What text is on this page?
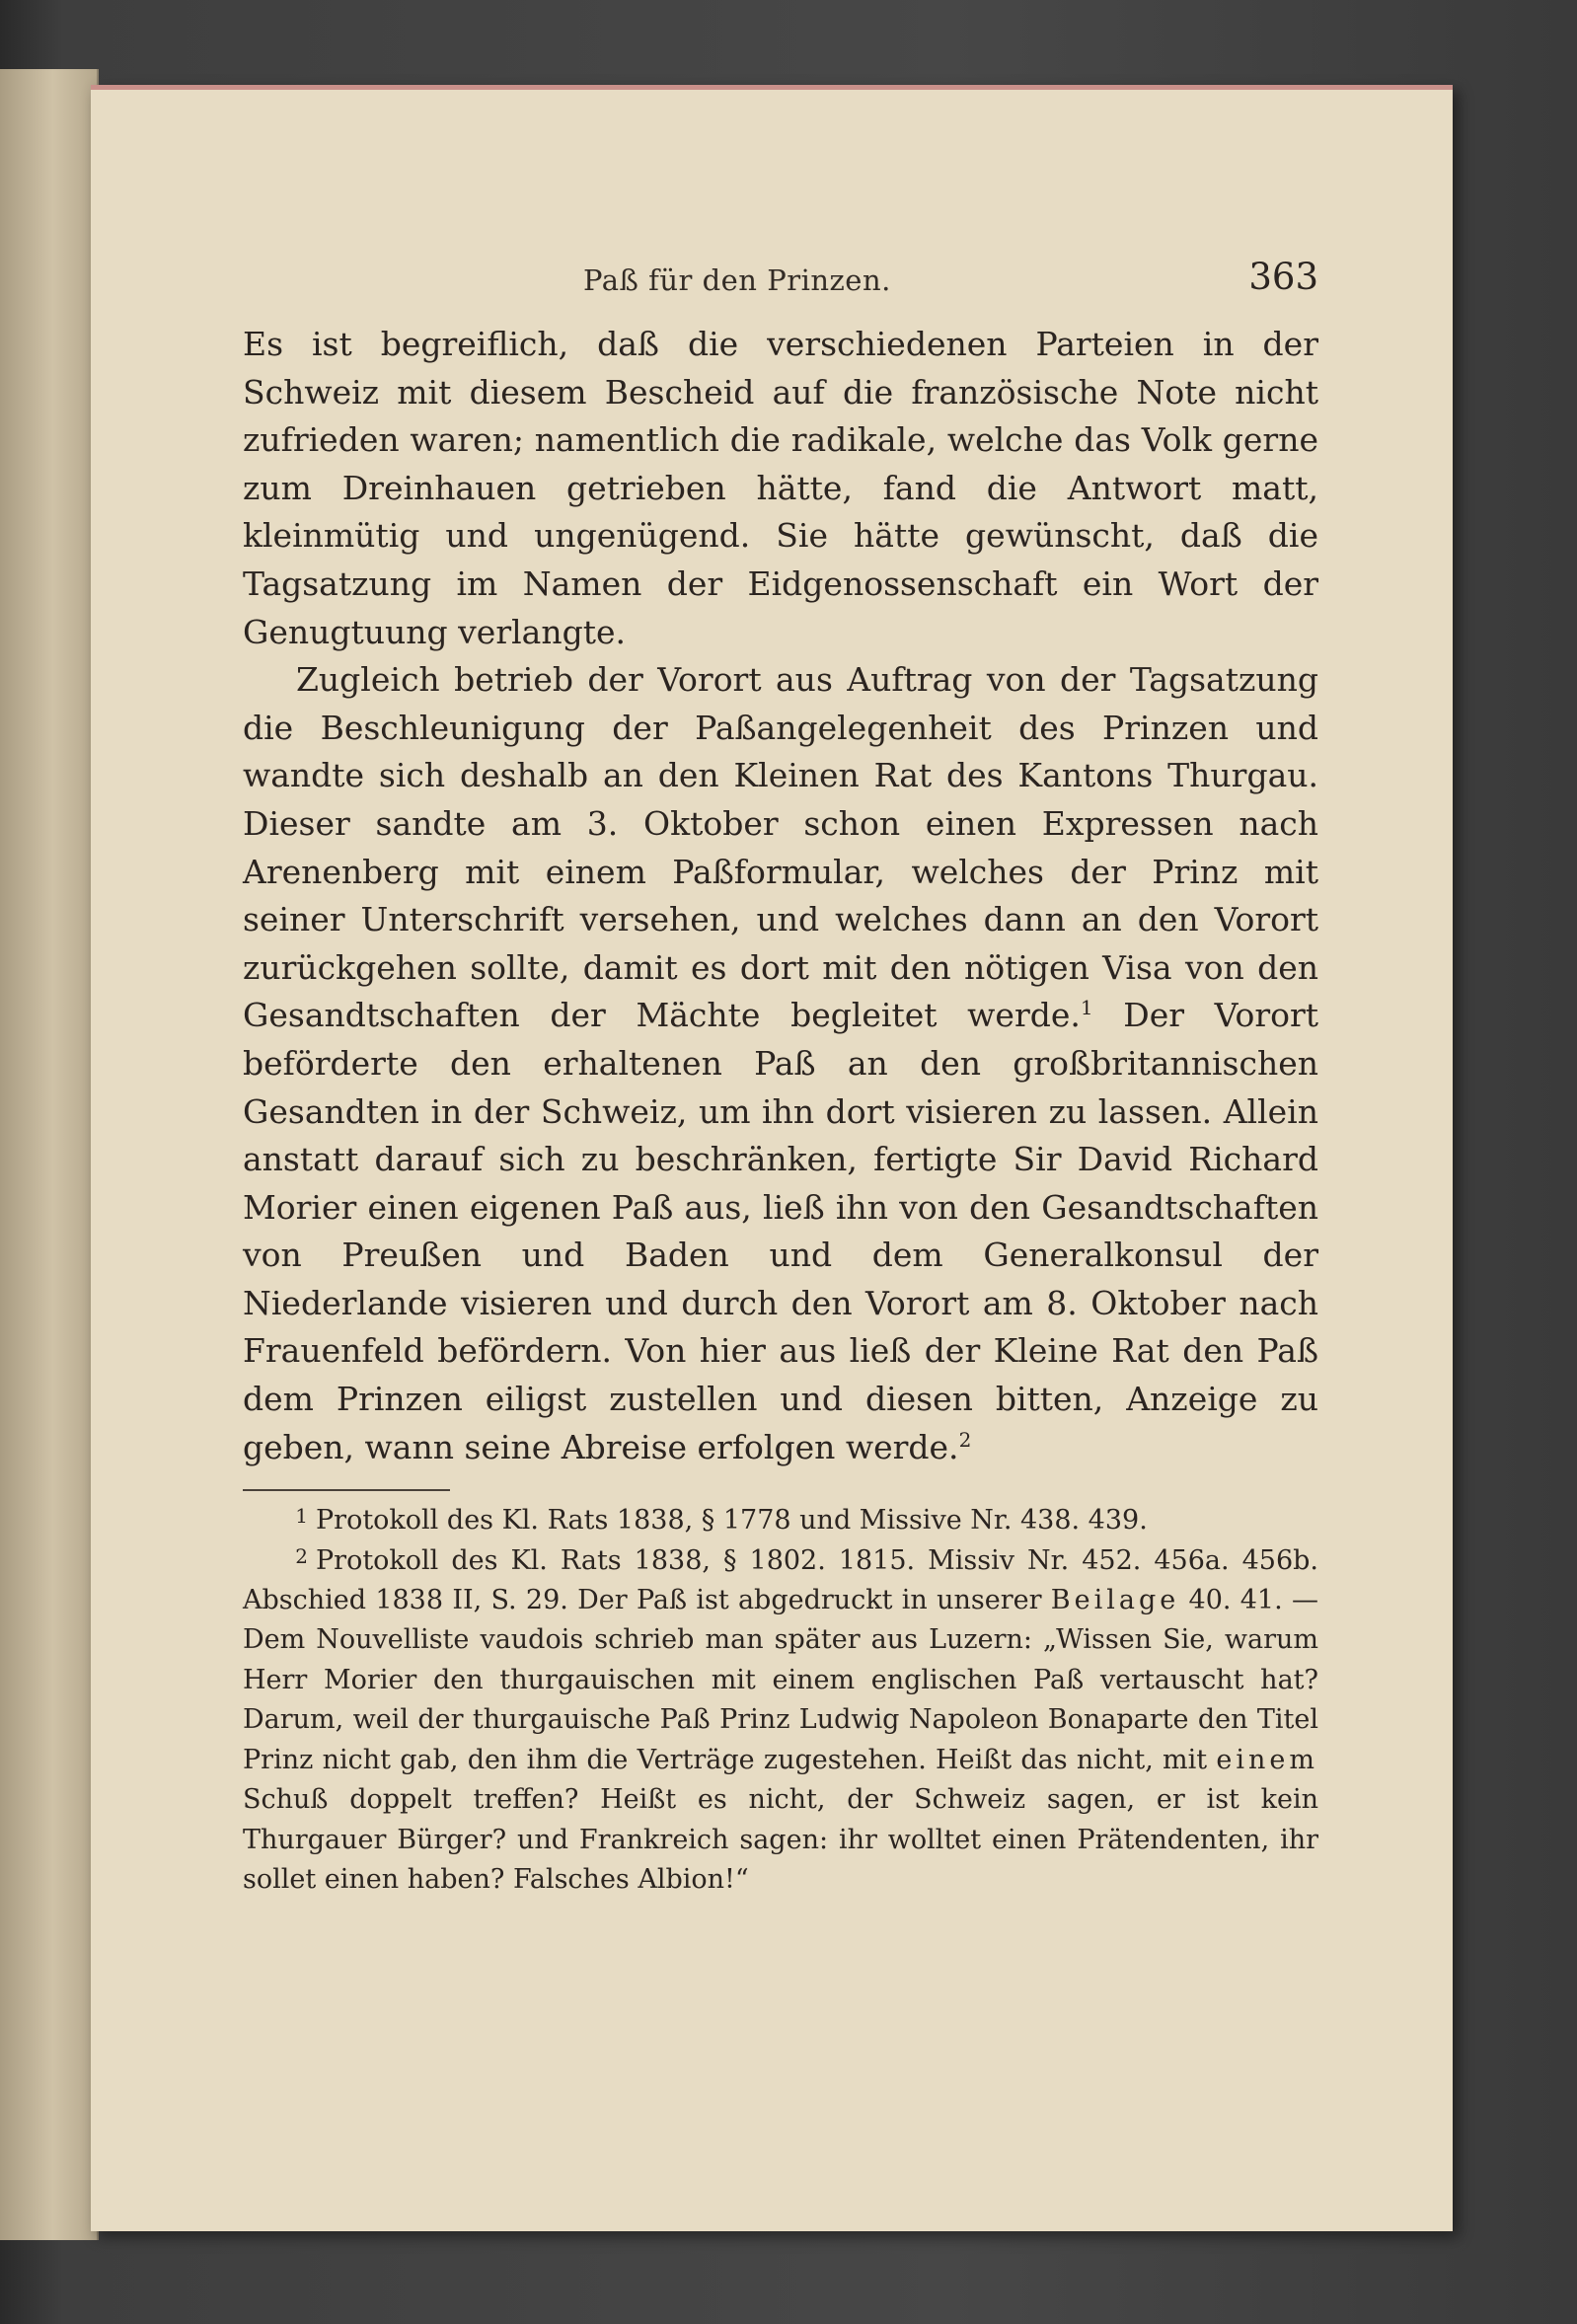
Paß für den Prinzen.	363

Es ist begreiflich, daß die verschiedenen Parteien in der Schweiz mit diesem Bescheid auf die französische Note nicht zufrieden waren; namentlich die radikale, welche das Volk gerne zum Dreinhauen getrieben hätte, fand die Antwort matt, kleinmütig und ungenügend. Sie hätte gewünscht, daß die Tagsatzung im Namen der Eidgenossenschaft ein Wort der Genugtuung verlangte.

Zugleich betrieb der Vorort aus Auftrag von der Tagsatzung die Beschleunigung der Paßangelegenheit des Prinzen und wandte sich deshalb an den Kleinen Rat des Kantons Thurgau. Dieser sandte am 3. Oktober schon einen Expressen nach Arenenberg mit einem Paßformular, welches der Prinz mit seiner Unterschrift versehen, und welches dann an den Vorort zurückgehen sollte, damit es dort mit den nötigen Visa von den Gesandtschaften der Mächte begleitet werde.$^1$ Der Vorort beförderte den erhaltenen Paß an den großbritannischen Gesandten in der Schweiz, um ihn dort visieren zu lassen. Allein anstatt darauf sich zu beschränken, fertigte Sir David Richard Morier einen eigenen Paß aus, ließ ihn von den Gesandtschaften von Preußen und Baden und dem Generalkonsul der Niederlande visieren und durch den Vorort am 8. Oktober nach Frauenfeld befördern. Von hier aus ließ der Kleine Rat den Paß dem Prinzen eiligst zustellen und diesen bitten, Anzeige zu geben, wann seine Abreise erfolgen werde.$^2$

1 Protokoll des Kl. Rats 1838, § 1778 und Missive Nr. 438. 439.

2 Protokoll des Kl. Rats 1838, § 1802. 1815. Missiv Nr. 452. 456a. 456b. Abschied 1838 II, S. 29. Der Paß ist abgedruckt in unserer Beilage 40. 41. — Dem Nouvelliste vaudois schrieb man später aus Luzern: „Wissen Sie, warum Herr Morier den thurgauischen mit einem englischen Paß vertauscht hat? Darum, weil der thurgauische Paß Prinz Ludwig Napoleon Bonaparte den Titel Prinz nicht gab, den ihm die Verträge zugestehen. Heißt das nicht, mit einem Schuß doppelt treffen? Heißt es nicht, der Schweiz sagen, er ist kein Thurgauer Bürger? und Frankreich sagen: ihr wolltet einen Prätendenten, ihr sollet einen haben? Falsches Albion!“
